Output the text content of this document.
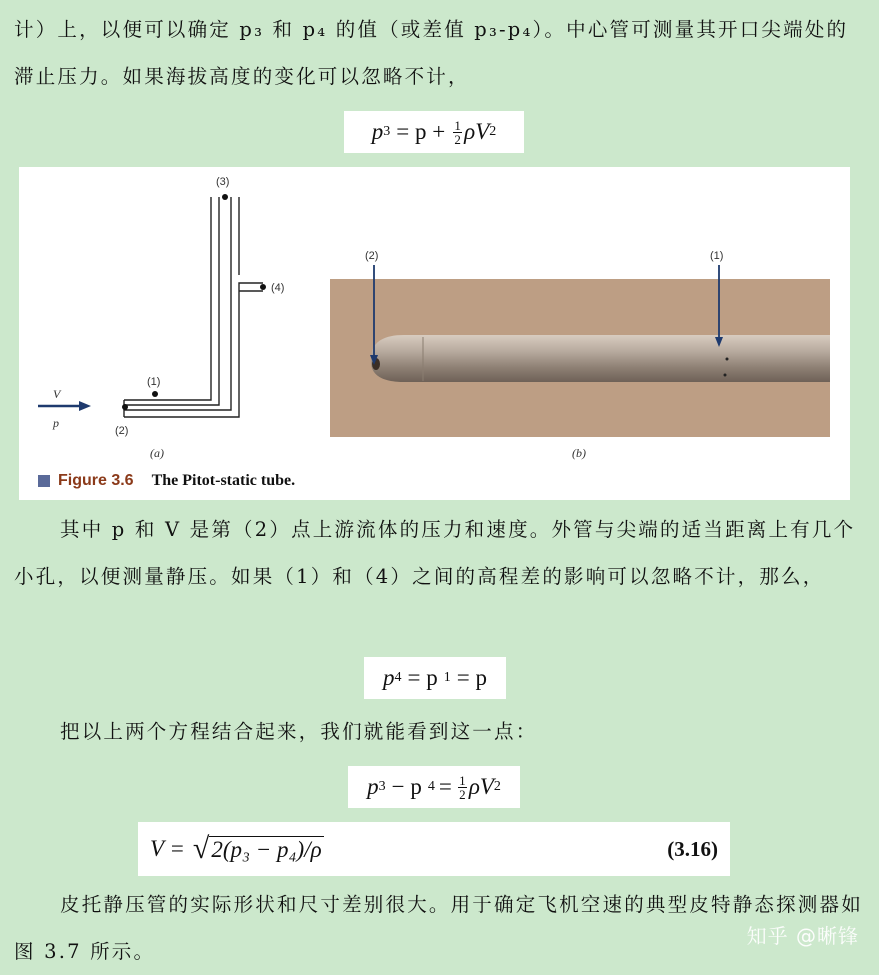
计）上，以便可以确定 p₃ 和 p₄ 的值（或差值 p₃-p₄）。中心管可测量其开口尖端处的滞止压力。如果海拔高度的变化可以忽略不计，

p $3 = p + \frac{1}{2}$ ρV 2
(3)
(4)
(1)
(2)
V
p
(a)
(2)	(1)
(b)
Figure 3.6 The Pitot-static tube.

其中 p 和 V 是第（2）点上游流体的压力和速度。外管与尖端的适当距离上有几个小孔，以便测量静压。如果（1）和（4）之间的高程差的影响可以忽略不计，那么，

p 4 = p 1 = p

把以上两个方程结合起来，我们就能看到这一点：

p 3 − p $4 = \frac{1}{2}$ ρV 2
V = √ 2(p₃ − p₄)/ρ	(3.16)

皮托静压管的实际形状和尺寸差别很大。用于确定飞机空速的典型皮特静态探测器如图 3.7 所示。

知乎 @晰锋
